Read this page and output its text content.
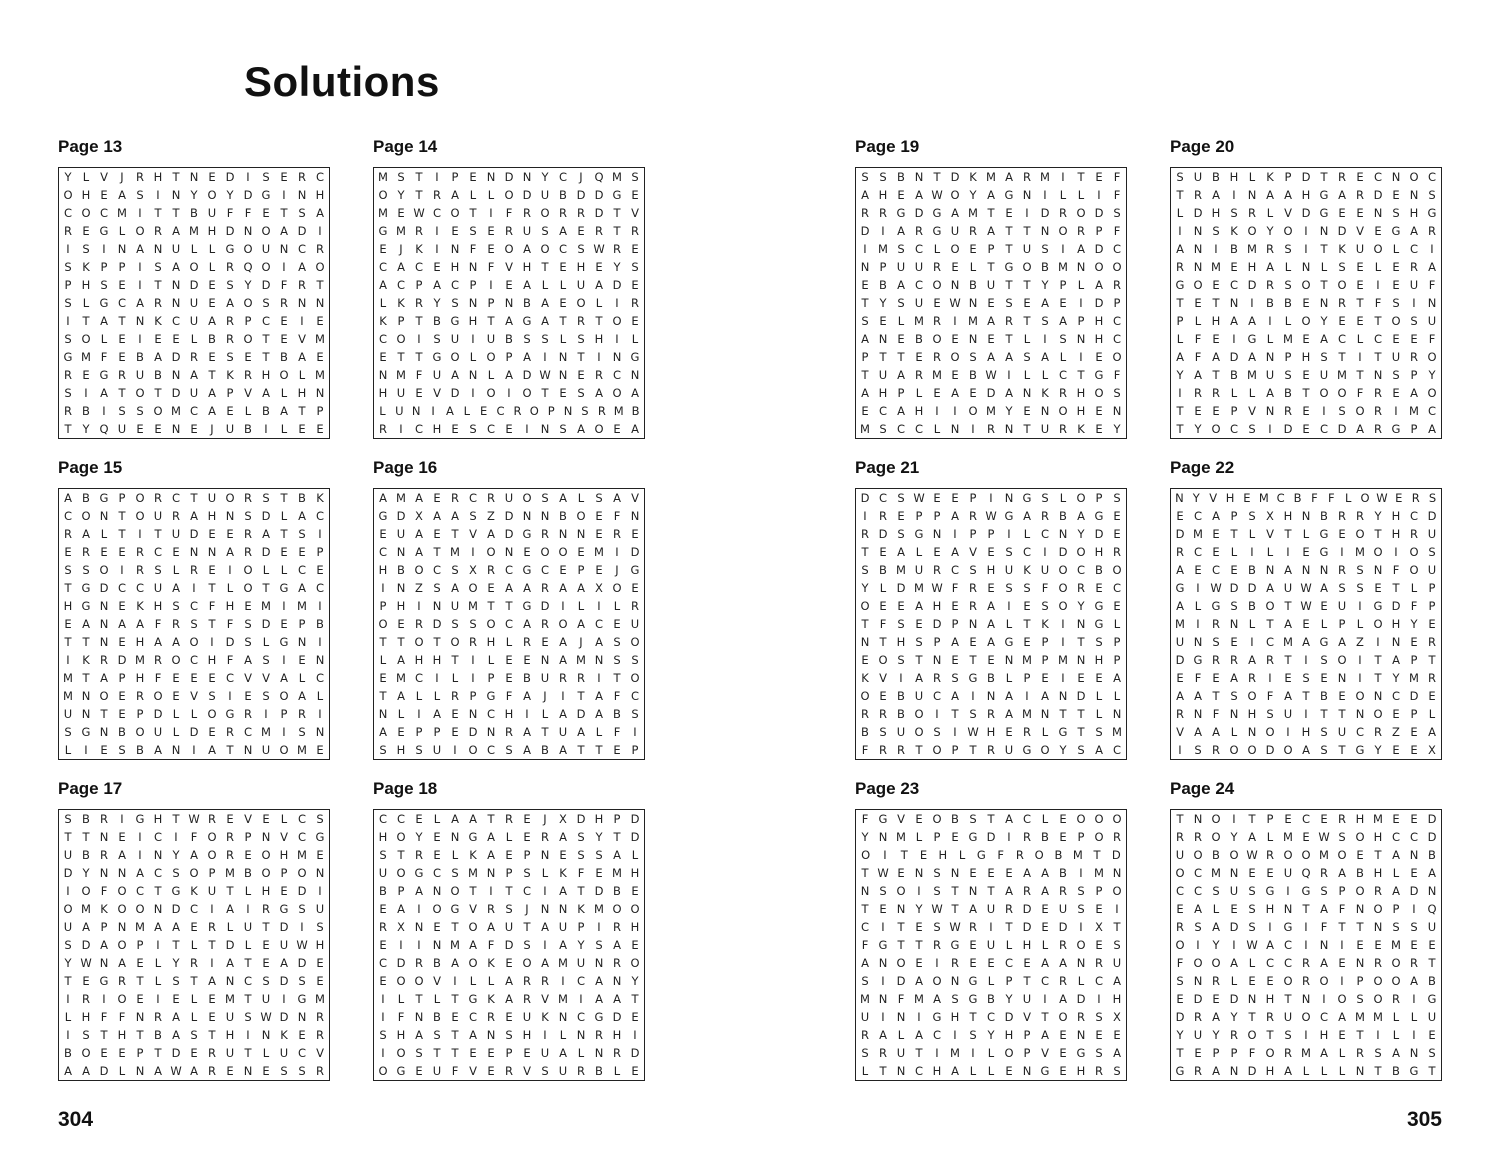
Solutions
Page 13
Y L V	J	R H T N E D	I	S E R C
O H E A S	I	N Y O Y D G	I	N H
C O C M I	T T B U F F E T S A
R E G L O R A M H D N O A D	I
I	S	I	N A N U L	L G O U N C R
S K P P	I	S A O L R Q O	I	A O
P H S E	I	T N D E S Y D F R T
S L G C A R N U E A O S R N N
I	T A T N K C U A R P C E	I	E
S O L E	I	E E L B R O T E V M
G M F E B A D R E S E T B A E
R E G R U B N A T K R H O L M
S	I	A T O T D U A P V A L H N
R B	I	S S O M C A E L B A T P
T Y Q U E E N E	J	U B	I	L E E
Page 14
M S T	I	P E N D N Y C	J	Q M S
O Y T R A L	L O D U B D D G E
M E W C O T	I	F R O R R D T V
G M R	I	E S E R U S A E R T R
E	J	K	I	N F E O A O C S W R E
C A C E H N F V H T E H E Y S
A C P A C P	I	E A L	L U A D E
L K R Y S N P N B A E O L	I	R
K P T B G H T A G A T R T O E
C O	I	S U	I	U B S S L S H	I	L
E T T G O L O P A	I	N T	I	N G
N M F U A N L A D W N E R C N
H U E V D	I	O	I	O T E S A O A
L U N I A L E C R O P N S R M B
R	I	C H E S C E	I	N S A O E A
Page 19
S S B N T D K M A R M I	T E F
A H E A W O Y A G N	I	L	L	I	F
R R G D G A M T E	I	D R O D S
D	I	A R G U R A T T N O R P F
I M S C L O E P T U S	I	A D C
N P U U R E L T G O B M N O O
E B A C O N B U T T Y P L A R
T Y S U E W N E S E A E	I	D P
S E L M R	I M A R T S A P H C
A N E B O E N E T L	I	S N H C
P T T E R O S A A S A L	I	E O
T U A R M E B W I	L	L C T G F
A H P L E A E D A N K R H O S
E C A H	I	I	O M Y E N O H E N
M S C C L N	I	R N T U R K E Y
Page 20
S U B H L K P D T R E C N O C
T R A	I	N A A H G A R D E N S
L D H S R L V D G E E N S H G
I	N S K O Y O	I	N D V E G A R
A N	I	B M R S	I	T K U O L C	I
R N M E H A L N L S E L E R A
G O E C D R S O T O E	I	E U F
T E T N	I	B B E N R T F S	I	N
P L H A A	I	L O Y E E T O S U
L F E	I	G L M E A C L C E E F
A F A D A N P H S T	I	T U R O
Y A T B M U S E U M T N S P Y
I	R R L	L A B T O O F R E A O
T E E P V N R E	I	S O R	I M C
T Y O C S	I	D E C D A R G P A
Page 15
A B G P O R C T U O R S T B K
C O N T O U R A H N S D L A C
R A L T	I	T U D E E R A T S	I
E R E E R C E N N A R D E E P
S S O	I	R S L R E	I	O L	L C E
T G D C C U A	I	T L O T G A C
H G N E K H S C F H E M I M I
E A N A A F R S T F S D E P B
T T N E H A A O	I	D S L G N	I
I	K R D M R O C H F A S	I	E N
M T A P H F E E E C V V A L C
M N O E R O E V S	I	E S O A L
U N T E P D L	L O G R	I	P R	I
S G N B O U L D E R C M I	S N
L	I	E S B A N	I	A T N U O M E
Page 16
A M A E R C R U O S A L S A V
G D X A A S Z D N N B O E F N
E U A E T V A D G R N N E R E
C N A T M I	O N E O O E M I	D
H B O C S X R C G C E P E	J	G
I	N Z S A O E A A R A A X O E
P H	I	N U M T T G D	I	L	I	L R
O E R D S S O C A R O A C E U
T T O T O R H L R E A	J	A S O
L A H H T	I	L E E N A M N S S
E M C	I	L	I	P E B U R R	I	T O
T A L	L R P G F A	J	I	T A F C
N L	I	A E N C H	I	L A D A B S
A E P P E D N R A T U A L F	I
S H S U	I	O C S A B A T T E P
Page 21
D C S W E E P	I	N G S L O P S
I	R E P P A R W G A R B A G E
R D S G N	I	P P	I	L C N Y D E
T E A L E A V E S C	I	D O H R
S B M U R C S H U K U O C B O
Y L D M W F R E S S F O R E C
O E E A H E R A	I	E S O Y G E
T F S E D P N A L T K	I	N G L
N T H S P A E A G E P	I	T S P
E O S T N E T E N M P M N H P
K V	I	A R S G B L P E	I	E E A
O E B U C A	I	N A	I	A N D L	L
R R B O	I	T S R A M N T T L N
B S U O S	I W H E R L G T S M
F R R T O P T R U G O Y S A C
Page 22
N Y V H E M C B F F L O W E R S
E C A P S X H N B R R Y H C D
D M E T L V T L G E O T H R U
R C E L	I	L	I	E G	I M O	I	O S
A E C E B N A N N R S N F O U
G	I W D D A U W A S S E T L P
A L G S B O T W E U	I	G D F P
M I	R N L T A E L P L O H Y E
U N S E	I	C M A G A Z	I	N E R
D G R R A R T	I	S O	I	T A P T
E F E A R	I	E S E N	I	T Y M R
A A T S O F A T B E O N C D E
R N F N H S U	I	T T N O E P L
V A A L N O	I	H S U C R Z E A
I	S R O O D O A S T G Y E E X
Page 17
S B R	I	G H T W R E V E L C S
T T N E	I	C	I	F O R P N V C G
U B R A	I	N Y A O R E O H M E
D Y N N A C S O P M B O P O N
I	O F O C T G K U T L H E D	I
O M K O O N D C	I	A	I	R G S U
U A P N M A A E R L U T D	I	S
S D A O P	I	T L T D L E U W H
Y W N A E L Y R	I	A T E A D E
T E G R T L S T A N C S D S E
I	R	I	O E	I	E L E M T U	I	G M
L H F F N R A L E U S W D N R
I	S T H T B A S T H	I	N K E R
B O E E P T D E R U T L U C V
A A D L N A W A R E N E S S R
Page 18
C C E L A A T R E	J	X D H P D
H O Y E N G A L E R A S Y T D
S T R E L K A E P N E S S A L
U O G C S M N P S L K F E M H
B P A N O T	I	T C	I	A T D B E
E A	I	O G V R S	J	N N K M O O
R X N E T O A U T A U P	I	R H
E	I	I	N M A F D S	I	A Y S A E
C D R B A O K E O A M U N R O
E O O V	I	L	L A R R	I	C A N Y
I	L T L T G K A R V M I	A A T
I	F N B E C R E U K N C G D E
S H A S T A N S H	I	L N R H	I
I	O S T T E E P E U A L N R D
O G E U F V E R V S U R B L E
Page 23
F G V E O B S T A C L E O O O
Y N M L P E G D	I	R B E P O R
O	I	T	E H	L	G	F	R O B M T D
T W E N S N E E E A A B	I M N
N S O	I	S T N T A R A R S P O
T E N Y W T A U R D E U S E	I
C	I	T E S W R	I	T D E D	I	X T
F G T T R G E U L H L R O E S
A N O E	I	R E E C E A A N R U
S	I	D A O N G L P T C R L C A
M N F M A S G B Y U	I	A D	I	H
U	I	N	I	G H T C D V T O R S X
R A L A C	I	S Y H P A E N E E
S R U T	I M I	L O P V E G S A
L T N C H A L	L E N G E H R S
Page 24
T N O	I	T P E C E R H M E E D
R R O Y A L M E W S O H C C D
U O B O W R O O M O E T A N B
O C M N E E U Q R A B H L E A
C C S U S G	I	G S P O R A D N
E A L E S H N T A F N O P	I	Q
R S A D S	I	G	I	F T T N S S U
O	I	Y	I W A C	I	N	I	E E M E E
F O O A L C C R A E N R O R T
S N R L E E O R O	I	P O O A B
E D E D N H T N	I	O S O R	I	G
D R A Y T R U O C A M M L	L U
Y U Y R O T S	I	H E T	I	L	I	E
T E P P F O R M A L R S A N S
G R A N D H A L	L	L N T B G T
304	305
